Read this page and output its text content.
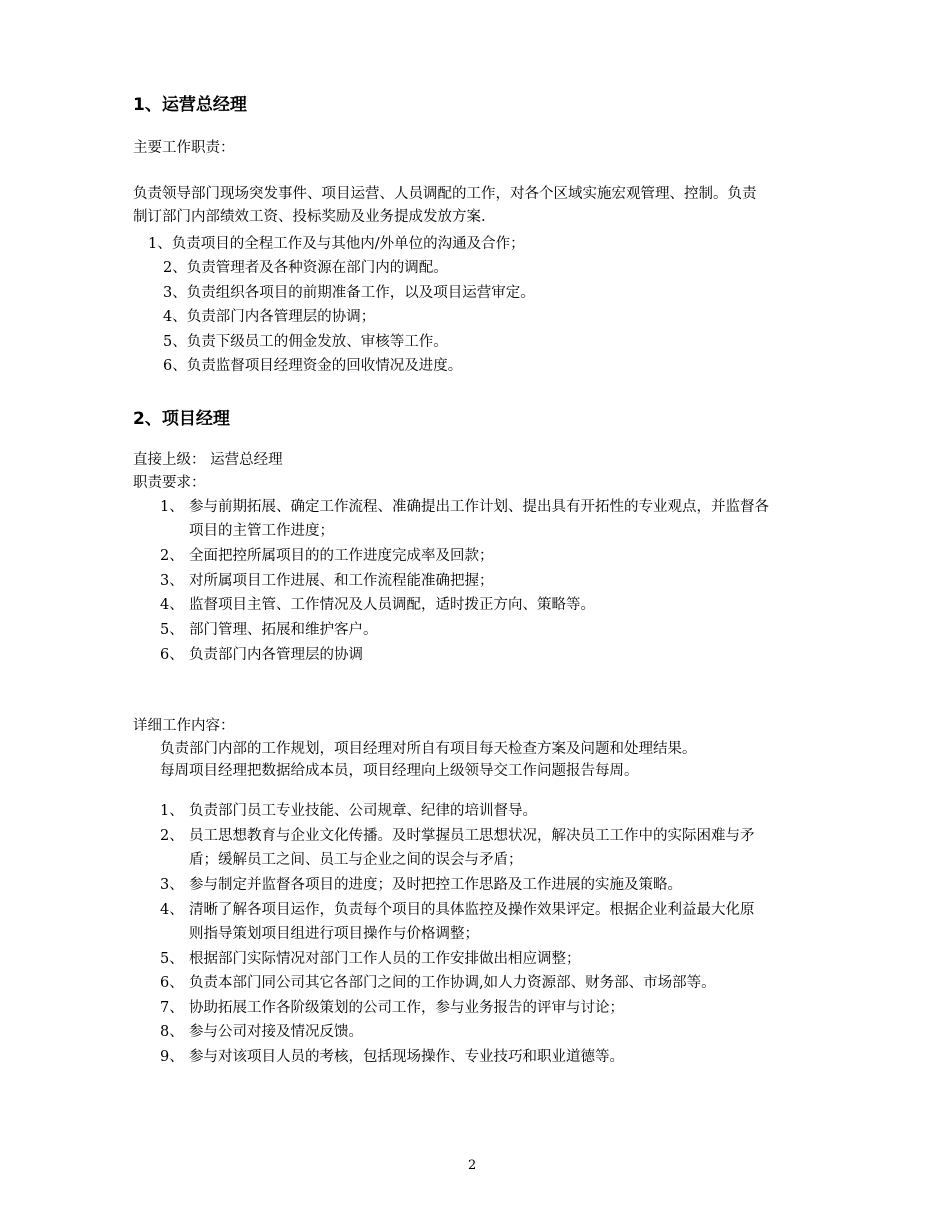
1、运营总经理
主要工作职责：
负责领导部门现场突发事件、项目运营、人员调配的工作，对各个区域实施宏观管理、控制。负责
制订部门内部绩效工资、投标奖励及业务提成发放方案.
1、负责项目的全程工作及与其他内/外单位的沟通及合作；
2、负责管理者及各种资源在部门内的调配。
3、负责组织各项目的前期准备工作，以及项目运营审定。
4、负责部门内各管理层的协调；
5、负责下级员工的佣金发放、审核等工作。
6、负责监督项目经理资金的回收情况及进度。
2、项目经理
直接上级： 运营总经理
职责要求：
1、 参与前期拓展、确定工作流程、准确提出工作计划、提出具有开拓性的专业观点，并监督各
项目的主管工作进度；
2、 全面把控所属项目的的工作进度完成率及回款；
3、 对所属项目工作进展、和工作流程能准确把握；
4、 监督项目主管、工作情况及人员调配，适时拨正方向、策略等。
5、 部门管理、拓展和维护客户。
6、 负责部门内各管理层的协调
详细工作内容：
负责部门内部的工作规划，项目经理对所自有项目每天检查方案及问题和处理结果。
每周项目经理把数据给成本员，项目经理向上级领导交工作问题报告每周。
1、 负责部门员工专业技能、公司规章、纪律的培训督导。
2、 员工思想教育与企业文化传播。及时掌握员工思想状况，解决员工工作中的实际困难与矛
盾；缓解员工之间、员工与企业之间的误会与矛盾；
3、 参与制定并监督各项目的进度；及时把控工作思路及工作进展的实施及策略。
4、 清晰了解各项目运作，负责每个项目的具体监控及操作效果评定。根据企业利益最大化原
则指导策划项目组进行项目操作与价格调整；
5、 根据部门实际情况对部门工作人员的工作安排做出相应调整；
6、 负责本部门同公司其它各部门之间的工作协调,如人力资源部、财务部、市场部等。
7、 协助拓展工作各阶级策划的公司工作，参与业务报告的评审与讨论；
8、 参与公司对接及情况反馈。
9、 参与对该项目人员的考核，包括现场操作、专业技巧和职业道德等。
2
